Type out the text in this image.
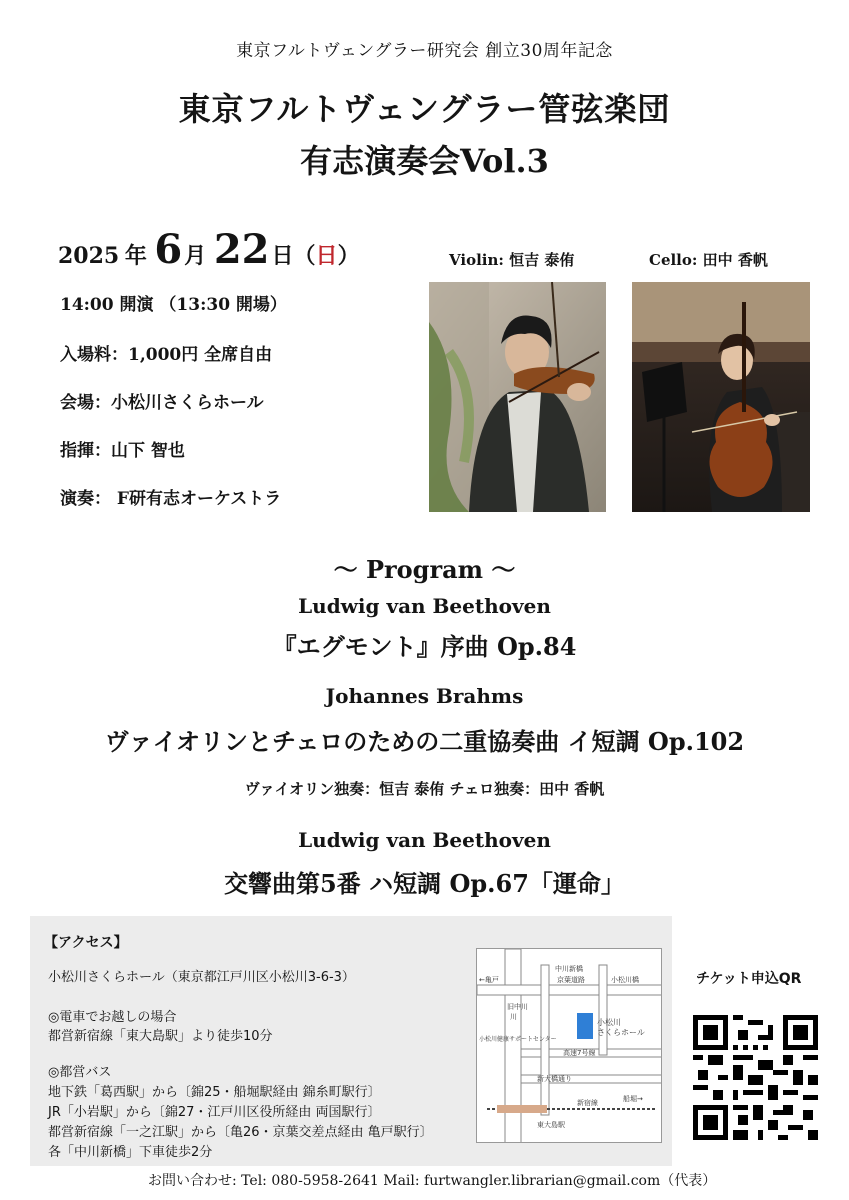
東京フルトヴェングラー研究会 創立30周年記念
東京フルトヴェングラー管弦楽団
有志演奏会Vol.3
2025 年 6月 22日（日）
14:00 開演 （13:30 開場）
入場料：1,000円 全席自由
会場：小松川さくらホール
指揮：山下 智也
演奏： F研有志オーケストラ
Violin: 恒吉 泰侑	Cello: 田中 香帆
～ Program ～
Ludwig van Beethoven
『エグモント』序曲 Op.84
Johannes Brahms
ヴァイオリンとチェロのための二重協奏曲 イ短調 Op.102
ヴァイオリン独奏：恒吉 泰侑 チェロ独奏：田中 香帆
Ludwig van Beethoven
交響曲第5番 ハ短調 Op.67「運命」
【アクセス】
小松川さくらホール（東京都江戸川区小松川3-6-3）
◎電車でお越しの場合
都営新宿線「東大島駅」より徒歩10分
◎都営バス
地下鉄「葛西駅」から〔錦25・船堀駅経由 錦糸町駅行〕
JR「小岩駅」から〔錦27・江戸川区役所経由 両国駅行〕
都営新宿線「一之江駅」から〔亀26・京葉交差点経由 亀戸駅行〕
各「中川新橋」下車徒歩2分
中川新橋
京葉道路	小松川橋
←亀戸
船堀→
旧中川
川
小松川
さくらホール
小松川健康サポートセンター
高速7号線
新大橋通り
新宿線
東大島駅
チケット申込QR
お問い合わせ: Tel: 080-5958-2641 Mail: furtwangler.librarian@gmail.com（代表）
